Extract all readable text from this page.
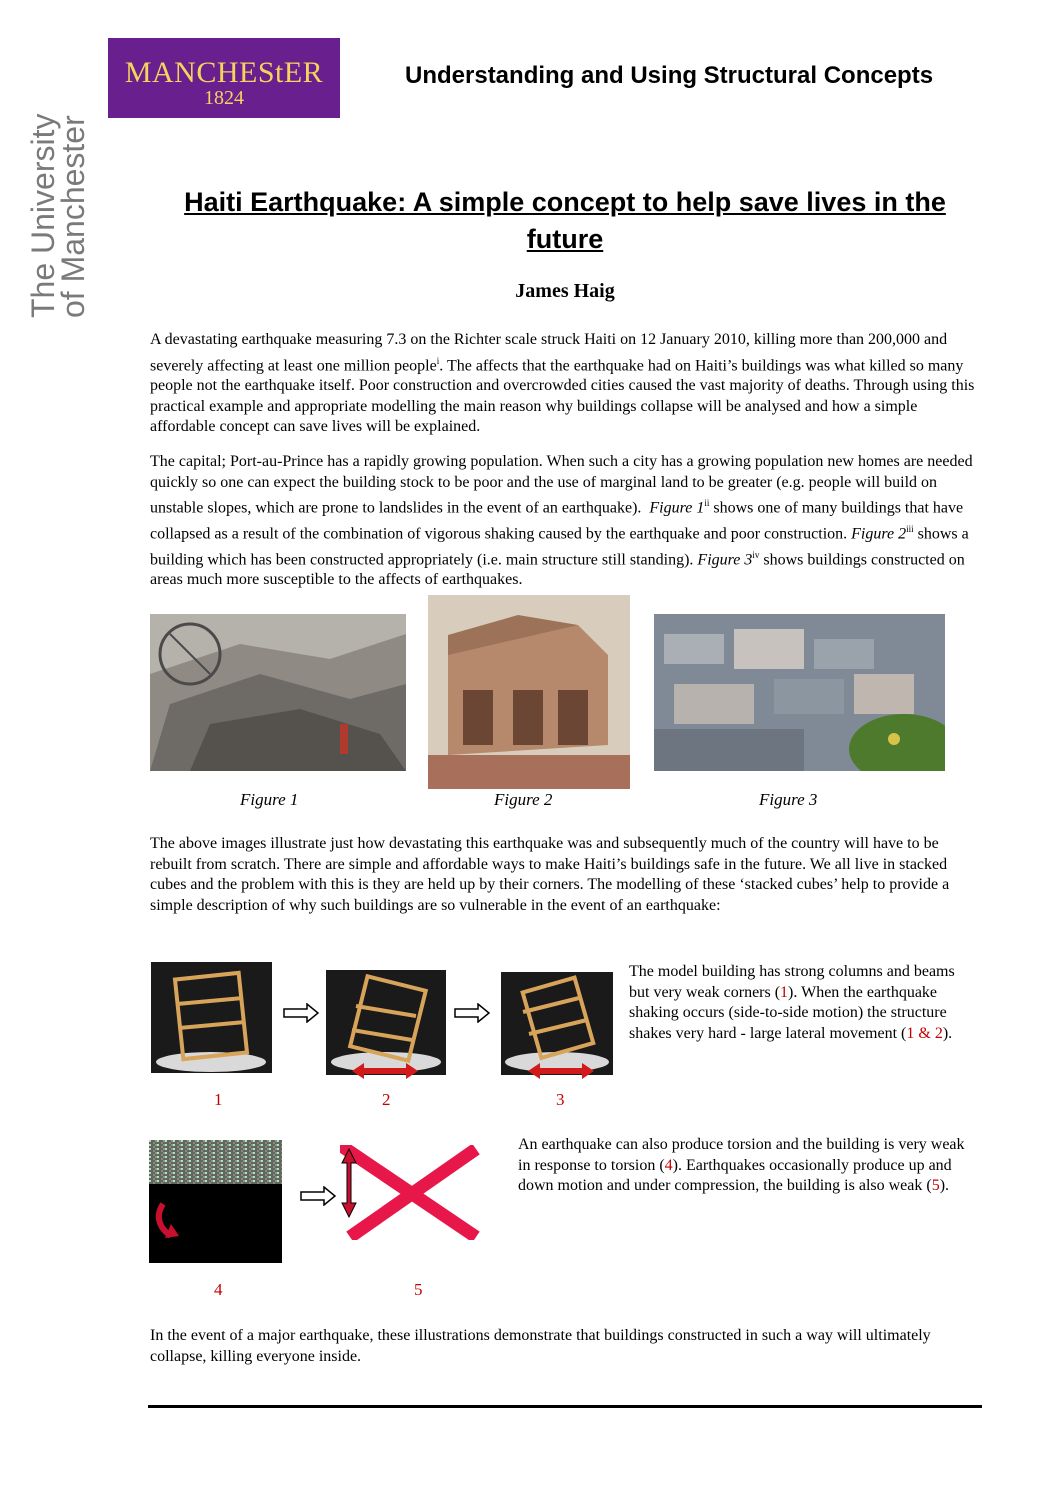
MANCHEStER
1824
The University
of Manchester
Understanding and Using Structural Concepts
Haiti Earthquake: A simple concept to help save lives in the future
James Haig
A devastating earthquake measuring 7.3 on the Richter scale struck Haiti on 12 January 2010, killing more than 200,000 and severely affecting at least one million people$^i$. The affects that the earthquake had on Haiti’s buildings was what killed so many people not the earthquake itself. Poor construction and overcrowded cities caused the vast majority of deaths. Through using this practical example and appropriate modelling the main reason why buildings collapse will be analysed and how a simple affordable concept can save lives will be explained.
The capital; Port-au-Prince has a rapidly growing population. When such a city has a growing population new homes are needed quickly so one can expect the building stock to be poor and the use of marginal land to be greater (e.g. people will build on unstable slopes, which are prone to landslides in the event of an earthquake). Figure 1$^{ii}$ shows one of many buildings that have collapsed as a result of the combination of vigorous shaking caused by the earthquake and poor construction. Figure 2$^{iii}$ shows a building which has been constructed appropriately (i.e. main structure still standing). Figure 3$^{iv}$ shows buildings constructed on areas much more susceptible to the affects of earthquakes.
Figure 1	Figure 2	Figure 3
The above images illustrate just how devastating this earthquake was and subsequently much of the country will have to be rebuilt from scratch. There are simple and affordable ways to make Haiti’s buildings safe in the future. We all live in stacked cubes and the problem with this is they are held up by their corners. The modelling of these ‘stacked cubes’ help to provide a simple description of why such buildings are so vulnerable in the event of an earthquake:
1	2	3
The model building has strong columns and beams but very weak corners (1). When the earthquake shaking occurs (side-to-side motion) the structure shakes very hard - large lateral movement (1 & 2).
4	5
An earthquake can also produce torsion and the building is very weak in response to torsion (4). Earthquakes occasionally produce up and down motion and under compression, the building is also weak (5).
In the event of a major earthquake, these illustrations demonstrate that buildings constructed in such a way will ultimately collapse, killing everyone inside.
